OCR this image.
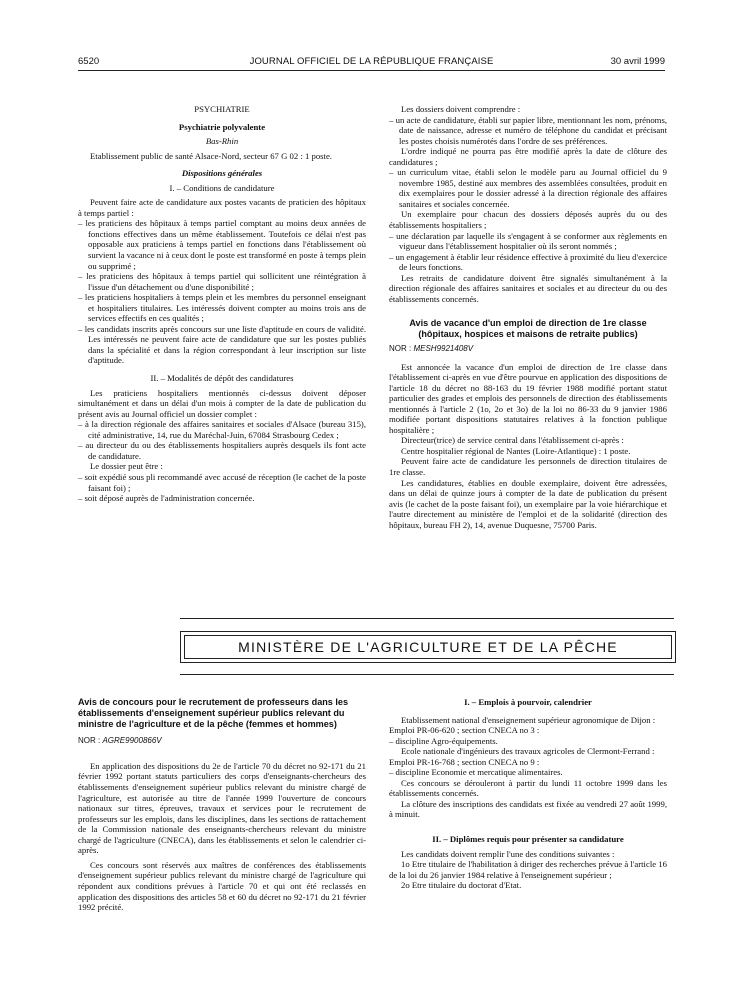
6520	JOURNAL OFFICIEL DE LA RÉPUBLIQUE FRANÇAISE	30 avril 1999

PSYCHIATRIE

Psychiatrie polyvalente

Bas-Rhin

Etablissement public de santé Alsace-Nord, secteur 67 G 02 : 1 poste.

Dispositions générales

I. – Conditions de candidature

Peuvent faire acte de candidature aux postes vacants de praticien des hôpitaux à temps partiel :

– les praticiens des hôpitaux à temps partiel comptant au moins deux années de fonctions effectives dans un même établissement. Toutefois ce délai n'est pas opposable aux praticiens à temps partiel en fonctions dans l'établissement où survient la vacance ni à ceux dont le poste est transformé en poste à temps plein ou supprimé ;

– les praticiens des hôpitaux à temps partiel qui sollicitent une réintégration à l'issue d'un détachement ou d'une disponibilité ;

– les praticiens hospitaliers à temps plein et les membres du personnel enseignant et hospitaliers titulaires. Les intéressés doivent compter au moins trois ans de services effectifs en ces qualités ;

– les candidats inscrits après concours sur une liste d'aptitude en cours de validité. Les intéressés ne peuvent faire acte de candidature que sur les postes publiés dans la spécialité et dans la région correspondant à leur inscription sur liste d'aptitude.

II. – Modalités de dépôt des candidatures

Les praticiens hospitaliers mentionnés ci-dessus doivent déposer simultanément et dans un délai d'un mois à compter de la date de publication du présent avis au Journal officiel un dossier complet :

– à la direction régionale des affaires sanitaires et sociales d'Alsace (bureau 315), cité administrative, 14, rue du Maréchal-Juin, 67084 Strasbourg Cedex ;

– au directeur du ou des établissements hospitaliers auprès desquels ils font acte de candidature.

Le dossier peut être :

– soit expédié sous pli recommandé avec accusé de réception (le cachet de la poste faisant foi) ;

– soit déposé auprès de l'administration concernée.

Les dossiers doivent comprendre :

– un acte de candidature, établi sur papier libre, mentionnant les nom, prénoms, date de naissance, adresse et numéro de téléphone du candidat et précisant les postes choisis numérotés dans l'ordre de ses préférences.

L'ordre indiqué ne pourra pas être modifié après la date de clôture des candidatures ;

– un curriculum vitae, établi selon le modèle paru au Journal officiel du 9 novembre 1985, destiné aux membres des assemblées consultées, produit en dix exemplaires pour le dossier adressé à la direction régionale des affaires sanitaires et sociales concernée.

Un exemplaire pour chacun des dossiers déposés auprès du ou des établissements hospitaliers ;

– une déclaration par laquelle ils s'engagent à se conformer aux règlements en vigueur dans l'établissement hospitalier où ils seront nommés ;

– un engagement à établir leur résidence effective à proximité du lieu d'exercice de leurs fonctions.

Les retraits de candidature doivent être signalés simultanément à la direction régionale des affaires sanitaires et sociales et au directeur du ou des établissements concernés.

Avis de vacance d'un emploi de direction de 1re classe (hôpitaux, hospices et maisons de retraite publics)

NOR : MESH9921408V

Est annoncée la vacance d'un emploi de direction de 1re classe dans l'établissement ci-après en vue d'être pourvue en application des dispositions de l'article 18 du décret no 88-163 du 19 février 1988 modifié portant statut particulier des grades et emplois des personnels de direction des établissements mentionnés à l'article 2 (1o, 2o et 3o) de la loi no 86-33 du 9 janvier 1986 modifiée portant dispositions statutaires relatives à la fonction publique hospitalière ;

Directeur(trice) de service central dans l'établissement ci-après :

Centre hospitalier régional de Nantes (Loire-Atlantique) : 1 poste.

Peuvent faire acte de candidature les personnels de direction titulaires de 1re classe.

Les candidatures, établies en double exemplaire, doivent être adressées, dans un délai de quinze jours à compter de la date de publication du présent avis (le cachet de la poste faisant foi), un exemplaire par la voie hiérarchique et l'autre directement au ministère de l'emploi et de la solidarité (direction des hôpitaux, bureau FH 2), 14, avenue Duquesne, 75700 Paris.

MINISTÈRE DE L'AGRICULTURE ET DE LA PÊCHE

Avis de concours pour le recrutement de professeurs dans les établissements d'enseignement supérieur publics relevant du ministre de l'agriculture et de la pêche (femmes et hommes)

NOR : AGRE9900866V

En application des dispositions du 2e de l'article 70 du décret no 92-171 du 21 février 1992 portant statuts particuliers des corps d'enseignants-chercheurs des établissements d'enseignement supérieur publics relevant du ministre chargé de l'agriculture, est autorisée au titre de l'année 1999 l'ouverture de concours nationaux sur titres, épreuves, travaux et services pour le recrutement de professeurs sur les emplois, dans les disciplines, dans les sections de rattachement de la Commission nationale des enseignants-chercheurs relevant du ministre chargé de l'agriculture (CNECA), dans les établissements et selon le calendrier ci-après.

Ces concours sont réservés aux maîtres de conférences des établissements d'enseignement supérieur publics relevant du ministre chargé de l'agriculture qui répondent aux conditions prévues à l'article 70 et qui ont été reclassés en application des dispositions des articles 58 et 60 du décret no 92-171 du 21 février 1992 précité.

I. – Emplois à pourvoir, calendrier

Etablissement national d'enseignement supérieur agronomique de Dijon :

Emploi PR-06-620 ; section CNECA no 3 :

– discipline Agro-équipements.

Ecole nationale d'ingénieurs des travaux agricoles de Clermont-Ferrand :

Emploi PR-16-768 ; section CNECA no 9 :

– discipline Economie et mercatique alimentaires.

Ces concours se dérouleront à partir du lundi 11 octobre 1999 dans les établissements concernés.

La clôture des inscriptions des candidats est fixée au vendredi 27 août 1999, à minuit.

II. – Diplômes requis pour présenter sa candidature

Les candidats doivent remplir l'une des conditions suivantes :

1o Etre titulaire de l'habilitation à diriger des recherches prévue à l'article 16 de la loi du 26 janvier 1984 relative à l'enseignement supérieur ;

2o Etre titulaire du doctorat d'Etat.
